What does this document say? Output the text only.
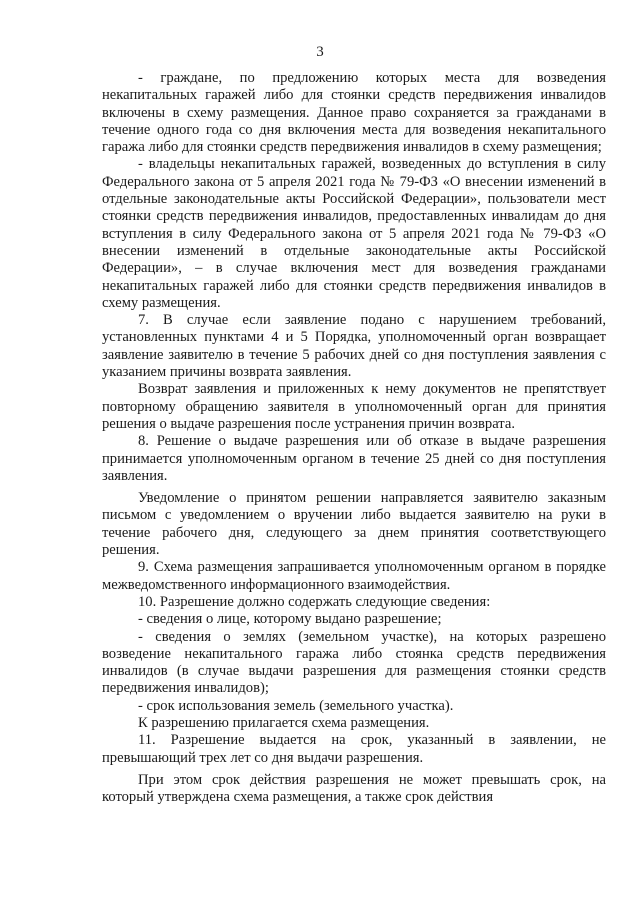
3

- граждане, по предложению которых места для возведения некапитальных гаражей либо для стоянки средств передвижения инвалидов включены в схему размещения. Данное право сохраняется за гражданами в течение одного года со дня включения места для возведения некапитального гаража либо для стоянки средств передвижения инвалидов в схему размещения;

- владельцы некапитальных гаражей, возведенных до вступления в силу Федерального закона от 5 апреля 2021 года № 79-ФЗ «О внесении изменений в отдельные законодательные акты Российской Федерации», пользователи мест стоянки средств передвижения инвалидов, предоставленных инвалидам до дня вступления в силу Федерального закона от 5 апреля 2021 года № 79-ФЗ «О внесении изменений в отдельные законодательные акты Российской Федерации», – в случае включения мест для возведения гражданами некапитальных гаражей либо для стоянки средств передвижения инвалидов в схему размещения.

7. В случае если заявление подано с нарушением требований, установленных пунктами 4 и 5 Порядка, уполномоченный орган возвращает заявление заявителю в течение 5 рабочих дней со дня поступления заявления с указанием причины возврата заявления.

Возврат заявления и приложенных к нему документов не препятствует повторному обращению заявителя в уполномоченный орган для принятия решения о выдаче разрешения после устранения причин возврата.

8. Решение о выдаче разрешения или об отказе в выдаче разрешения принимается уполномоченным органом в течение 25 дней со дня поступления заявления.

Уведомление о принятом решении направляется заявителю заказным письмом с уведомлением о вручении либо выдается заявителю на руки в течение рабочего дня, следующего за днем принятия соответствующего решения.

9. Схема размещения запрашивается уполномоченным органом в порядке межведомственного информационного взаимодействия.

10. Разрешение должно содержать следующие сведения:

- сведения о лице, которому выдано разрешение;

- сведения о землях (земельном участке), на которых разрешено возведение некапитального гаража либо стоянка средств передвижения инвалидов (в случае выдачи разрешения для размещения стоянки средств передвижения инвалидов);

- срок использования земель (земельного участка).

К разрешению прилагается схема размещения.

11. Разрешение выдается на срок, указанный в заявлении, не превышающий трех лет со дня выдачи разрешения.

При этом срок действия разрешения не может превышать срок, на который утверждена схема размещения, а также срок действия
